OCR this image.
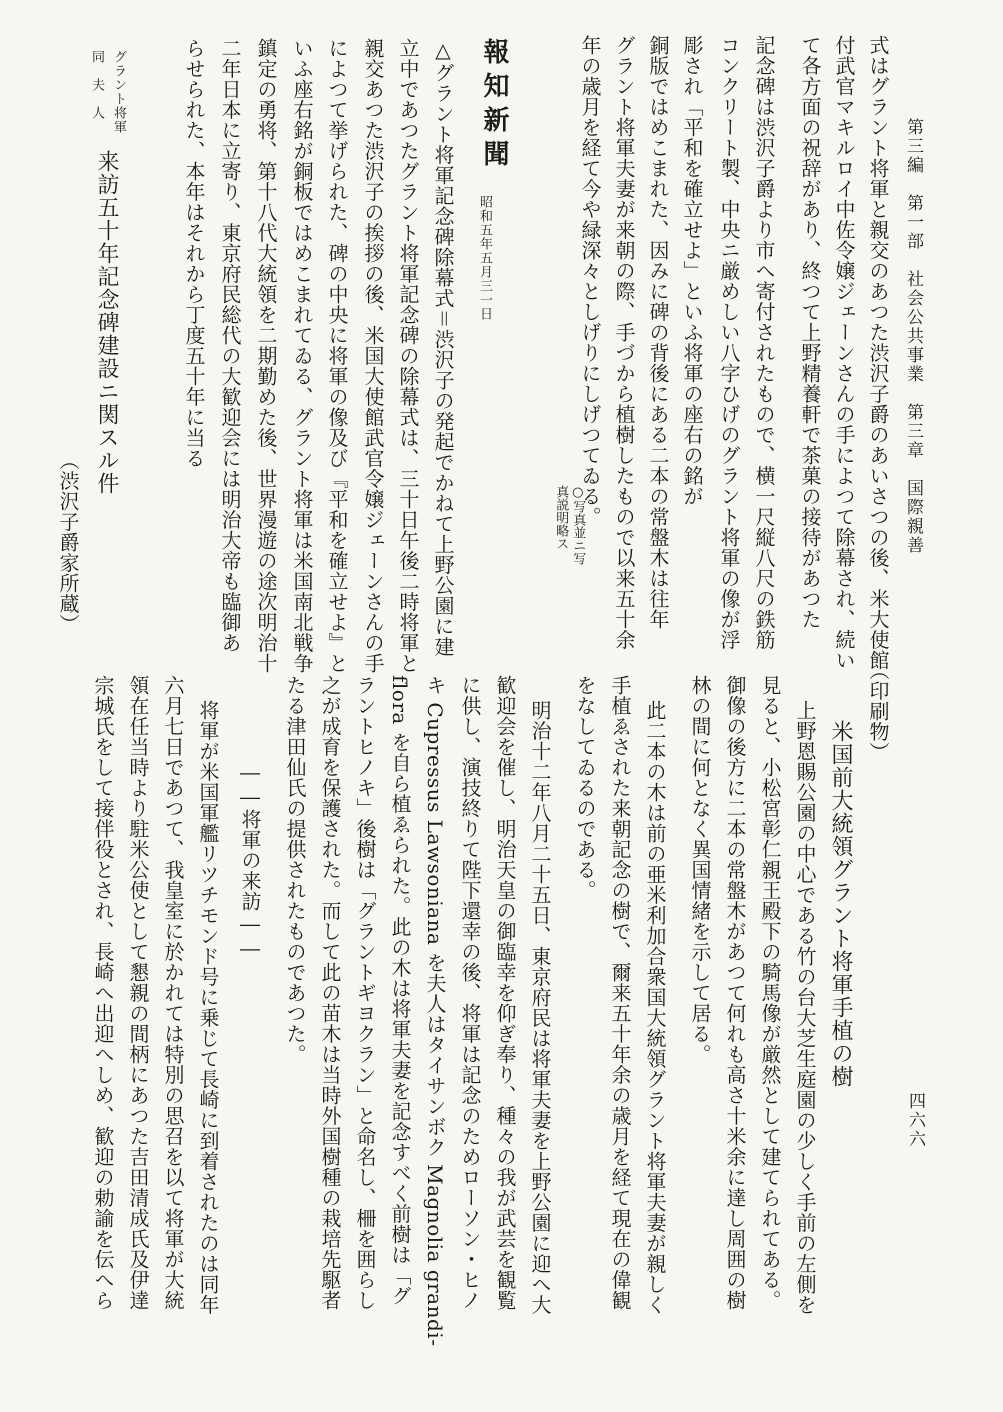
第三編　第一部　社会公共事業　第三章　国際親善

四六六

式はグラント将軍と親交のあつた渋沢子爵のあいさつの後、米大使館

付武官マキルロイ中佐令嬢ジェーンさんの手によつて除幕され、続い

て各方面の祝辞があり、終つて上野精養軒で茶菓の接待があつた

記念碑は渋沢子爵より市へ寄付されたもので、横一尺縦八尺の鉄筋

コンクリート製、中央ニ厳めしい八字ひげのグラント将軍の像が浮

彫され「平和を確立せよ」といふ将軍の座右の銘が

銅版ではめこまれた、因みに碑の背後にある二本の常盤木は往年

グラント将軍夫妻が来朝の際、手づから植樹したもので以来五十余

年の歳月を経て今や緑深々としげりにしげつてゐる。

○写真並ニ写

真説明略ス

報知新聞

昭和五年五月三一日

△グラント将軍記念碑除幕式＝渋沢子の発起でかねて上野公園に建

立中であつたグラント将軍記念碑の除幕式は、三十日午後二時将軍と

親交あつた渋沢子の挨拶の後、米国大使館武官令嬢ジェーンさんの手

によつて挙げられた、碑の中央に将軍の像及び『平和を確立せよ』と

いふ座右銘が銅板ではめこまれてゐる、グラント将軍は米国南北戦争

鎮定の勇将、第十八代大統領を二期勤めた後、世界漫遊の途次明治十

二年日本に立寄り、東京府民総代の大歓迎会には明治大帝も臨御あ

らせられた、本年はそれから丁度五十年に当る

グラント将軍

同　夫　人

来訪五十年記念碑建設ニ関スル件

（渋沢子爵家所蔵）

（印刷物）

米国前大統領グラント将軍手植の樹

上野恩賜公園の中心である竹の台大芝生庭園の少しく手前の左側を

見ると、小松宮彰仁親王殿下の騎馬像が厳然として建てられてある。

御像の後方に二本の常盤木があつて何れも高さ十米余に達し周囲の樹

林の間に何となく異国情緒を示して居る。

此二本の木は前の亜米利加合衆国大統領グラント将軍夫妻が親しく

手植ゑされた来朝記念の樹で、爾来五十年余の歳月を経て現在の偉観

をなしてゐるのである。

明治十二年八月二十五日、東京府民は将軍夫妻を上野公園に迎へ大

歓迎会を催し、明治天皇の御臨幸を仰ぎ奉り、種々の我が武芸を観覧

に供し、演技終りて陛下還幸の後、将軍は記念のためローソン・ヒノ

キ Cupressus Lawsoniana を夫人はタイサンボク Magnolia grandi-

flora を自ら植ゑられた。此の木は将軍夫妻を記念すべく前樹は「グ

ラントヒノキ」後樹は「グラントギヨクラン」と命名し、柵を囲らし

之が成育を保護された。而して此の苗木は当時外国樹種の栽培先駆者

たる津田仙氏の提供されたものであつた。

――将軍の来訪――

将軍が米国軍艦リツチモンド号に乗じて長崎に到着されたのは同年

六月七日であつて、我皇室に於かれては特別の思召を以て将軍が大統

領在任当時より駐米公使として懇親の間柄にあつた吉田清成氏及伊達

宗城氏をして接伴役とされ、長崎へ出迎へしめ、歓迎の勅諭を伝へら
